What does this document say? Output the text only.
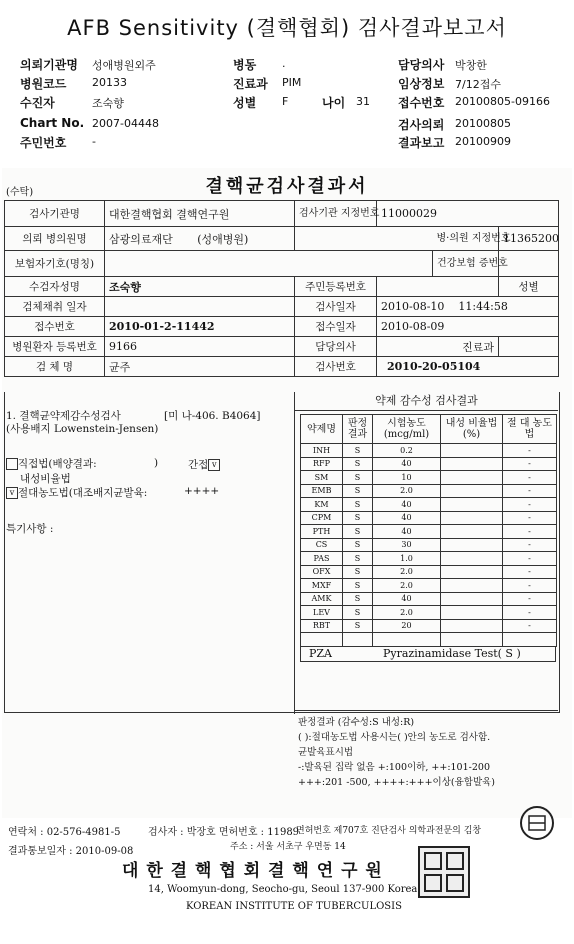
AFB Sensitivity (결핵협회) 검사결과보고서
의뢰기관명 성애병원외주	병동 .	담당의사 박창한
병원코드 20133	진료과 PIM	임상정보 7/12접수
수진자	조숙향	성별 F	나이 31 접수번호 20100805-09166
Chart No. 2007-04448	검사의뢰 20100805
주민번호 -	결과보고 20100909
(수탁)	결핵균검사결과서
검사기관명	대한결핵협회 결핵연구원	검사기관 지정번호	11000029		
의뢰 병의원명	삼광의료재단 (성애병원)			병·의원 지정번호	11365200
보험자기호(명칭)				건강보험 증번호	
수검자성명	조숙향	주민등록번호			성별
검체채취 일자		검사일자	2010-08-10    11:44:58		
접수번호	2010-01-2-11442	접수일자	2010-08-09		
병원환자 등록번호	9166	담당의사	진료과		
검 체 명	균주	검사번호	2010-20-05104		
1. 결핵균약제감수성검사	[미 나-406. B4064]
(사용배지 Lowenstein-Jensen)
직접법(배양결과:	)	간접 v
내성비율법
v 절대농도법(대조배지균발육:	++++
특기사항 :
약제 감수성 검사결과
약제명	판정 결과	시험농도 (mcg/ml)	내성 비율법(%)	절 대 농도법
INH	S	0.2		-
RFP	S	40		-
SM	S	10		-
EMB	S	2.0		-
KM	S	40		-
CPM	S	40		-
PTH	S	40		-
CS	S	30		-
PAS	S	1.0		-
OFX	S	2.0		-
MXF	S	2.0		-
AMK	S	40		-
LEV	S	2.0		-
RBT	S	20		-

PZA	Pyrazinamidase Test( S )
판정결과 (감수성:S 내성:R)
( ):절대농도법 사용시는( )안의 농도로 검사함.
균발육표시법
-:발육된 집락 없음 +:100이하, ++:101-200
+++:201 -500, ++++:+++이상(융합발육)
연락처 : 02-576-4981-5	검사자 : 박장호 면허번호 : 11989
면허번호 제707호 진단검사 의학과전문의 김창
결과통보일자 : 2010-09-08	주소 : 서울 서초구 우면동 14
대 한 결 핵 협 회 결 핵 연 구 원
14, Woomyun-dong, Seocho-gu, Seoul 137-900 Korea
KOREAN INSTITUTE OF TUBERCULOSIS
